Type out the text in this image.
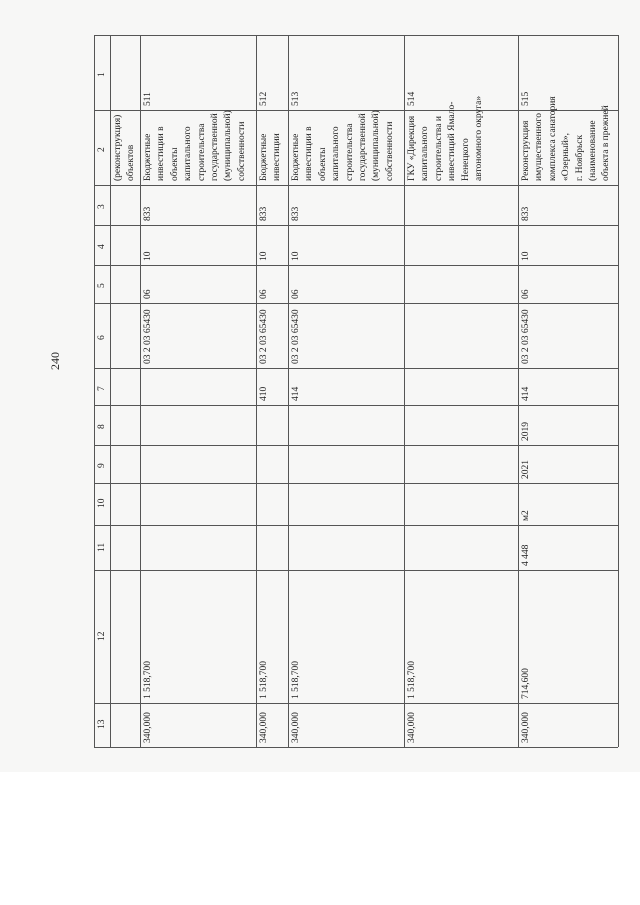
240
1
2
3
4
5
6
7
8
9
10
11
12
13
(реконструкция) объектов
511
Бюджетные инвестиции в объекты капитального строительства государственной (муниципальной) собственности
833
10
06
03 2 03 65430
1 518,700
340,000
512
Бюджетные инвестиции
833
10
06
03 2 03 65430
410
1 518,700
340,000
513
Бюджетные инвестиции в объекты капитального строительства государственной (муниципальной) собственности
833
10
06
03 2 03 65430
414
1 518,700
340,000
514
ГКУ «Дирекция капитального строительства и инвестиций Ямало- Ненецкого автономного округа»
1 518,700
340,000
515
Реконструкция имущественного комплекса санатория «Озерный», г. Ноябрьск (наименование объекта в прежней
833
10
06
03 2 03 65430
414
2019
2021
м2
4 448
714,600
340,000
